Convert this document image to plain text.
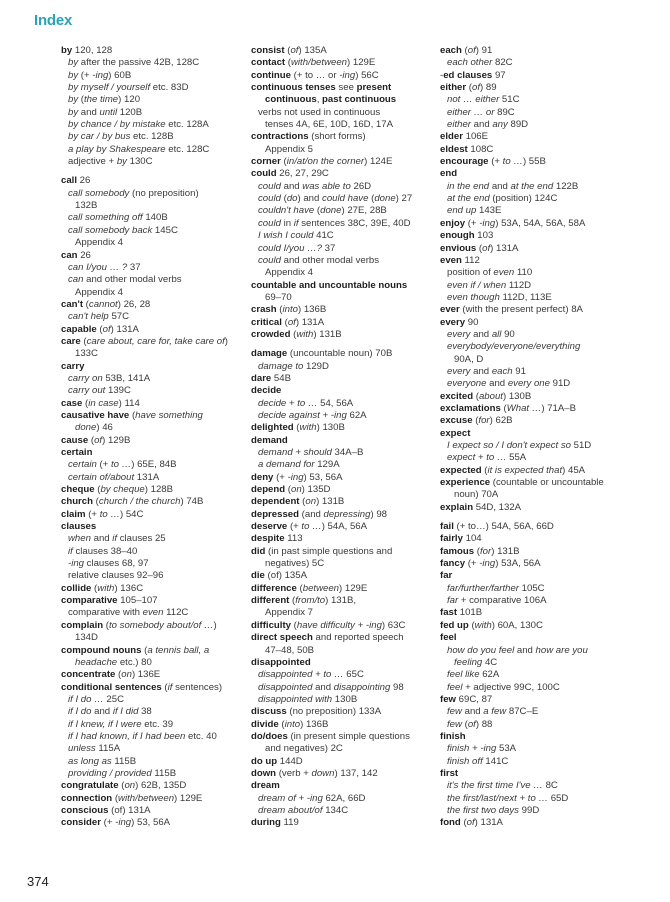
Index
by 120, 128
by after the passive 42B, 128C
by (+ -ing) 60B
by myself / yourself etc. 83D
by (the time) 120
by and until 120B
by chance / by mistake etc. 128A
by car / by bus etc. 128B
a play by Shakespeare etc. 128C
adjective + by 130C
call 26
call somebody (no preposition)
132B
call something off 140B
call somebody back 145C
Appendix 4
can 26
can I/you … ? 37
can and other modal verbs
Appendix 4
can't (cannot) 26, 28
can't help 57C
capable (of) 131A
care (care about, care for, take care of)
133C
carry
carry on 53B, 141A
carry out 139C
case (in case) 114
causative have (have something
done) 46
cause (of) 129B
certain
certain (+ to …) 65E, 84B
certain of/about 131A
cheque (by cheque) 128B
church (church / the church) 74B
claim (+ to …) 54C
clauses
when and if clauses 25
if clauses 38–40
-ing clauses 68, 97
relative clauses 92–96
collide (with) 136C
comparative 105–107
comparative with even 112C
complain (to somebody about/of …)
134D
compound nouns (a tennis ball, a
headache etc.) 80
concentrate (on) 136E
conditional sentences (if sentences)
if I do … 25C
if I do and if I did 38
if I knew, if I were etc. 39
if I had known, if I had been etc. 40
unless 115A
as long as 115B
providing / provided 115B
congratulate (on) 62B, 135D
connection (with/between) 129E
conscious (of) 131A
consider (+ -ing) 53, 56A
consist (of) 135A
contact (with/between) 129E
continue (+ to … or -ing) 56C
continuous tenses see present
continuous, past continuous
verbs not used in continuous
tenses 4A, 6E, 10D, 16D, 17A
contractions (short forms)
Appendix 5
corner (in/at/on the corner) 124E
could 26, 27, 29C
could and was able to 26D
could (do) and could have (done) 27
couldn't have (done) 27E, 28B
could in if sentences 38C, 39E, 40D
I wish I could 41C
could I/you …? 37
could and other modal verbs
Appendix 4
countable and uncountable nouns
69–70
crash (into) 136B
critical (of) 131A
crowded (with) 131B
damage (uncountable noun) 70B
damage to 129D
dare 54B
decide
decide + to … 54, 56A
decide against + -ing 62A
delighted (with) 130B
demand
demand + should 34A–B
a demand for 129A
deny (+ -ing) 53, 56A
depend (on) 135D
dependent (on) 131B
depressed (and depressing) 98
deserve (+ to …) 54A, 56A
despite 113
did (in past simple questions and
negatives) 5C
die (of) 135A
difference (between) 129E
different (from/to) 131B,
Appendix 7
difficulty (have difficulty + -ing) 63C
direct speech and reported speech
47–48, 50B
disappointed
disappointed + to … 65C
disappointed and disappointing 98
disappointed with 130B
discuss (no preposition) 133A
divide (into) 136B
do/does (in present simple questions
and negatives) 2C
do up 144D
down (verb + down) 137, 142
dream
dream of + -ing 62A, 66D
dream about/of 134C
during 119
each (of) 91
each other 82C
-ed clauses 97
either (of) 89
not … either 51C
either … or 89C
either and any 89D
elder 106E
eldest 108C
encourage (+ to …) 55B
end
in the end and at the end 122B
at the end (position) 124C
end up 143E
enjoy (+ -ing) 53A, 54A, 56A, 58A
enough 103
envious (of) 131A
even 112
position of even 110
even if / when 112D
even though 112D, 113E
ever (with the present perfect) 8A
every 90
every and all 90
everybody/everyone/everything
90A, D
every and each 91
everyone and every one 91D
excited (about) 130B
exclamations (What …) 71A–B
excuse (for) 62B
expect
I expect so / I don't expect so 51D
expect + to … 55A
expected (it is expected that) 45A
experience (countable or uncountable
noun) 70A
explain 54D, 132A
fail (+ to…) 54A, 56A, 66D
fairly 104
famous (for) 131B
fancy (+ -ing) 53A, 56A
far
far/further/farther 105C
far + comparative 106A
fast 101B
fed up (with) 60A, 130C
feel
how do you feel and how are you
feeling 4C
feel like 62A
feel + adjective 99C, 100C
few 69C, 87
few and a few 87C–E
few (of) 88
finish
finish + -ing 53A
finish off 141C
first
it's the first time I've … 8C
the first/last/next + to … 65D
the first two days 99D
fond (of) 131A
374
